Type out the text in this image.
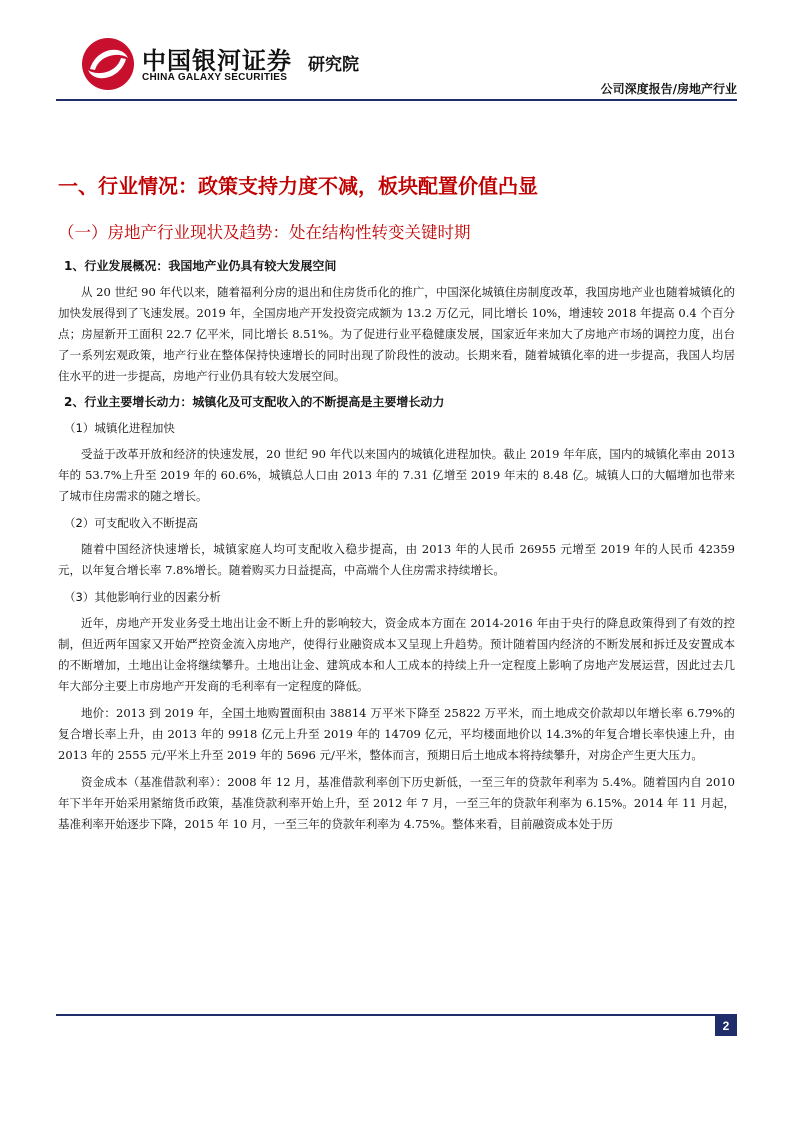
中国银河证券
CHINA GALAXY SECURITIES
研究院
公司深度报告/房地产行业
一、行业情况：政策支持力度不减，板块配置价值凸显
（一）房地产行业现状及趋势：处在结构性转变关键时期
1、行业发展概况：我国地产业仍具有较大发展空间

从 20 世纪 90 年代以来，随着福利分房的退出和住房货币化的推广，中国深化城镇住房制度改革，我国房地产业也随着城镇化的加快发展得到了飞速发展。2019 年，全国房地产开发投资完成额为 13.2 万亿元，同比增长 10%，增速较 2018 年提高 0.4 个百分点；房屋新开工面积 22.7 亿平米，同比增长 8.51%。为了促进行业平稳健康发展，国家近年来加大了房地产市场的调控力度，出台了一系列宏观政策，地产行业在整体保持快速增长的同时出现了阶段性的波动。长期来看，随着城镇化率的进一步提高，我国人均居住水平的进一步提高，房地产行业仍具有较大发展空间。

2、行业主要增长动力：城镇化及可支配收入的不断提高是主要增长动力
（1）城镇化进程加快

受益于改革开放和经济的快速发展，20 世纪 90 年代以来国内的城镇化进程加快。截止 2019 年年底，国内的城镇化率由 2013 年的 53.7%上升至 2019 年的 60.6%，城镇总人口由 2013 年的 7.31 亿增至 2019 年末的 8.48 亿。城镇人口的大幅增加也带来了城市住房需求的随之增长。

（2）可支配收入不断提高

随着中国经济快速增长，城镇家庭人均可支配收入稳步提高，由 2013 年的人民币 26955 元增至 2019 年的人民币 42359 元，以年复合增长率 7.8%增长。随着购买力日益提高，中高端个人住房需求持续增长。

（3）其他影响行业的因素分析

近年，房地产开发业务受土地出让金不断上升的影响较大，资金成本方面在 2014-2016 年由于央行的降息政策得到了有效的控制，但近两年国家又开始严控资金流入房地产，使得行业融资成本又呈现上升趋势。预计随着国内经济的不断发展和拆迁及安置成本的不断增加，土地出让金将继续攀升。土地出让金、建筑成本和人工成本的持续上升一定程度上影响了房地产发展运营，因此过去几年大部分主要上市房地产开发商的毛利率有一定程度的降低。

地价：2013 到 2019 年，全国土地购置面积由 38814 万平米下降至 25822 万平米，而土地成交价款却以年增长率 6.79%的复合增长率上升，由 2013 年的 9918 亿元上升至 2019 年的 14709 亿元，平均楼面地价以 14.3%的年复合增长率快速上升，由 2013 年的 2555 元/平米上升至 2019 年的 5696 元/平米，整体而言，预期日后土地成本将持续攀升，对房企产生更大压力。

资金成本（基准借款利率）：2008 年 12 月，基准借款利率创下历史新低，一至三年的贷款年利率为 5.4%。随着国内自 2010 年下半年开始采用紧缩货币政策，基准贷款利率开始上升，至 2012 年 7 月，一至三年的贷款年利率为 6.15%。2014 年 11 月起，基准利率开始逐步下降，2015 年 10 月，一至三年的贷款年利率为 4.75%。整体来看，目前融资成本处于历

2
